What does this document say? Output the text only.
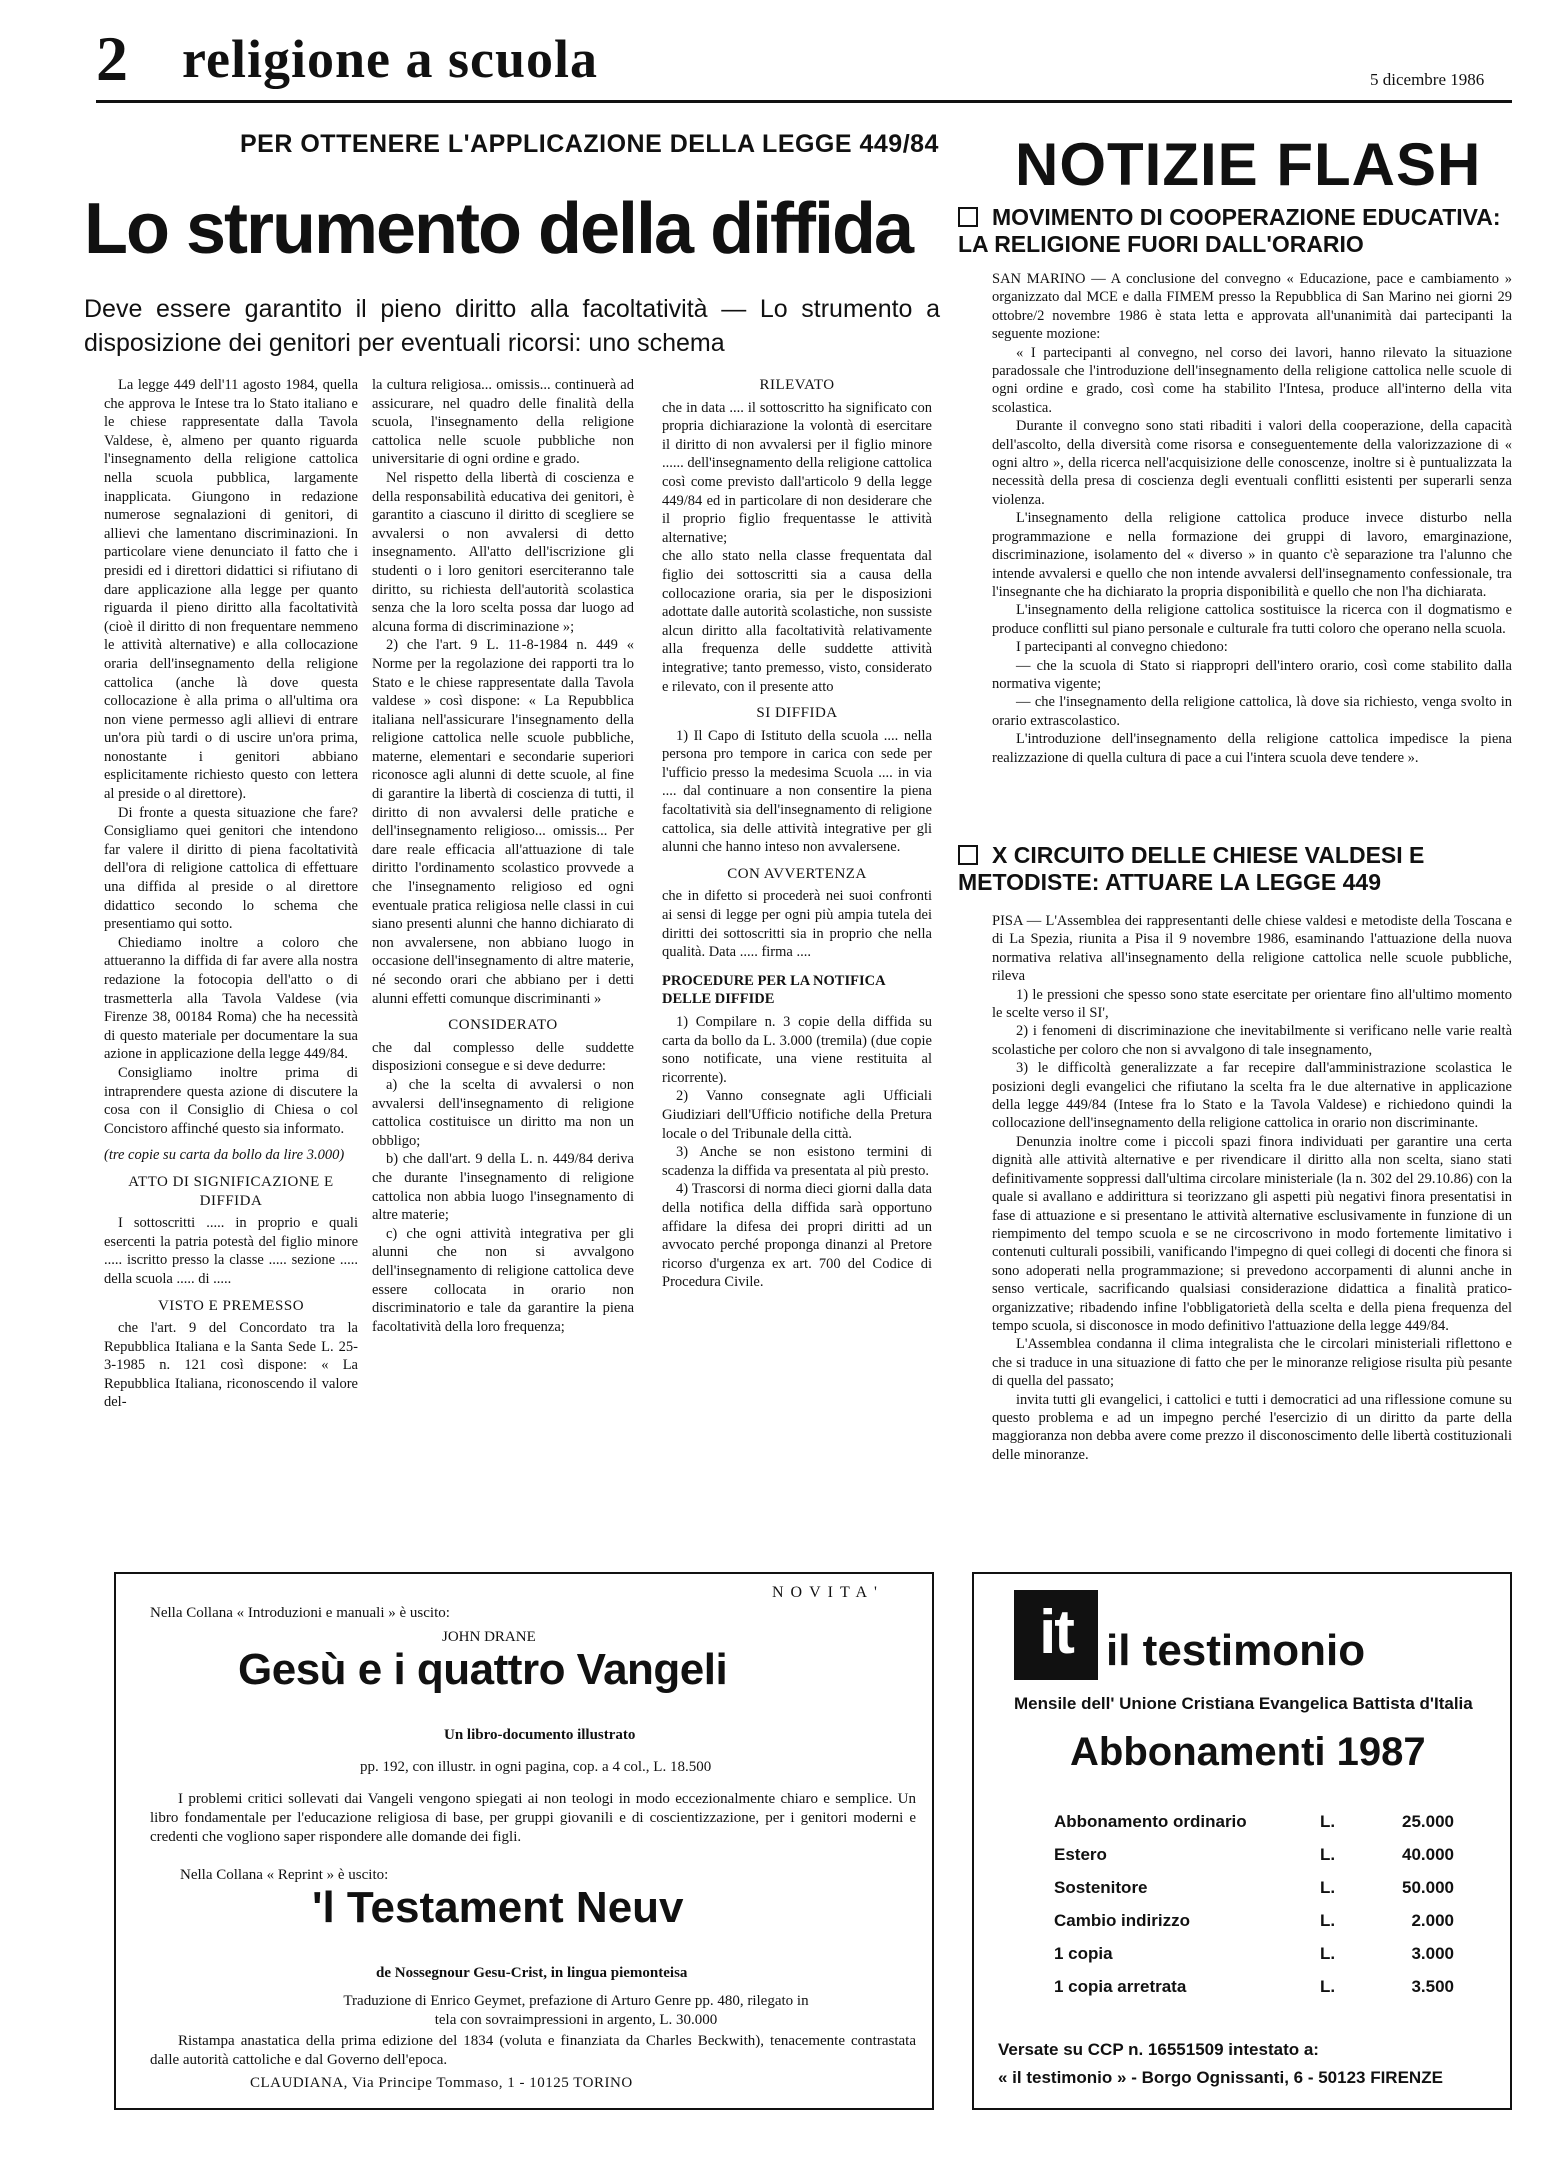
2 religione a scuola	5 dicembre 1986
PER OTTENERE L'APPLICAZIONE DELLA LEGGE 449/84
Lo strumento della diffida
Deve essere garantito il pieno diritto alla facoltatività — Lo strumento a disposizione dei genitori per eventuali ricorsi: uno schema

La legge 449 dell'11 agosto 1984, quella che approva le Intese tra lo Stato italiano e le chiese rappresentate dalla Tavola Valdese, è, almeno per quanto riguarda l'insegnamento della religione cattolica nella scuola pubblica, largamente inapplicata. Giungono in redazione numerose segnalazioni di genitori, di allievi che lamentano discriminazioni. In particolare viene denunciato il fatto che i presidi ed i direttori didattici si rifiutano di dare applicazione alla legge per quanto riguarda il pieno diritto alla facoltatività (cioè il diritto di non frequentare nemmeno le attività alternative) e alla collocazione oraria dell'insegnamento della religione cattolica (anche là dove questa collocazione è alla prima o all'ultima ora non viene permesso agli allievi di entrare un'ora più tardi o di uscire un'ora prima, nonostante i genitori abbiano esplicitamente richiesto questo con lettera al preside o al direttore).

Di fronte a questa situazione che fare? Consigliamo quei genitori che intendono far valere il diritto di piena facoltatività dell'ora di religione cattolica di effettuare una diffida al preside o al direttore didattico secondo lo schema che presentiamo qui sotto.

Chiediamo inoltre a coloro che attueranno la diffida di far avere alla nostra redazione la fotocopia dell'atto o di trasmetterla alla Tavola Valdese (via Firenze 38, 00184 Roma) che ha necessità di questo materiale per documentare la sua azione in applicazione della legge 449/84.

Consigliamo inoltre prima di intraprendere questa azione di discutere la cosa con il Consiglio di Chiesa o col Concistoro affinché questo sia informato.

(tre copie su carta da bollo da lire 3.000)

ATTO DI SIGNIFICAZIONE E DIFFIDA

I sottoscritti ..... in proprio e quali esercenti la patria potestà del figlio minore ..... iscritto presso la classe ..... sezione ..... della scuola ..... di .....

VISTO E PREMESSO

che l'art. 9 del Concordato tra la Repubblica Italiana e la Santa Sede L. 25-3-1985 n. 121 così dispone: « La Repubblica Italiana, riconoscendo il valore del-

la cultura religiosa... omissis... continuerà ad assicurare, nel quadro delle finalità della scuola, l'insegnamento della religione cattolica nelle scuole pubbliche non universitarie di ogni ordine e grado.

Nel rispetto della libertà di coscienza e della responsabilità educativa dei genitori, è garantito a ciascuno il diritto di scegliere se avvalersi o non avvalersi di detto insegnamento. All'atto dell'iscrizione gli studenti o i loro genitori eserciteranno tale diritto, su richiesta dell'autorità scolastica senza che la loro scelta possa dar luogo ad alcuna forma di discriminazione »;

2) che l'art. 9 L. 11-8-1984 n. 449 « Norme per la regolazione dei rapporti tra lo Stato e le chiese rappresentate dalla Tavola valdese » così dispone: « La Repubblica italiana nell'assicurare l'insegnamento della religione cattolica nelle scuole pubbliche, materne, elementari e secondarie superiori riconosce agli alunni di dette scuole, al fine di garantire la libertà di coscienza di tutti, il diritto di non avvalersi delle pratiche e dell'insegnamento religioso... omissis... Per dare reale efficacia all'attuazione di tale diritto l'ordinamento scolastico provvede a che l'insegnamento religioso ed ogni eventuale pratica religiosa nelle classi in cui siano presenti alunni che hanno dichiarato di non avvalersene, non abbiano luogo in occasione dell'insegnamento di altre materie, né secondo orari che abbiano per i detti alunni effetti comunque discriminanti »

CONSIDERATO

che dal complesso delle suddette disposizioni consegue e si deve dedurre:

a) che la scelta di avvalersi o non avvalersi dell'insegnamento di religione cattolica costituisce un diritto ma non un obbligo;

b) che dall'art. 9 della L. n. 449/84 deriva che durante l'insegnamento di religione cattolica non abbia luogo l'insegnamento di altre materie;

c) che ogni attività integrativa per gli alunni che non si avvalgono dell'insegnamento di religione cattolica deve essere collocata in orario non discriminatorio e tale da garantire la piena facoltatività della loro frequenza;

RILEVATO

che in data .... il sottoscritto ha significato con propria dichiarazione la volontà di esercitare il diritto di non avvalersi per il figlio minore ...... dell'insegnamento della religione cattolica così come previsto dall'articolo 9 della legge 449/84 ed in particolare di non desiderare che il proprio figlio frequentasse le attività alternative;

che allo stato nella classe frequentata dal figlio dei sottoscritti sia a causa della collocazione oraria, sia per le disposizioni adottate dalle autorità scolastiche, non sussiste alcun diritto alla facoltatività relativamente alla frequenza delle suddette attività integrative; tanto premesso, visto, considerato e rilevato, con il presente atto

SI DIFFIDA

1) Il Capo di Istituto della scuola .... nella persona pro tempore in carica con sede per l'ufficio presso la medesima Scuola .... in via .... dal continuare a non consentire la piena facoltatività sia dell'insegnamento di religione cattolica, sia delle attività integrative per gli alunni che hanno inteso non avvalersene.

CON AVVERTENZA

che in difetto si procederà nei suoi confronti ai sensi di legge per ogni più ampia tutela dei diritti dei sottoscritti sia in proprio che nella qualità. Data ..... firma ....

PROCEDURE PER LA NOTIFICA DELLE DIFFIDE

1) Compilare n. 3 copie della diffida su carta da bollo da L. 3.000 (tremila) (due copie sono notificate, una viene restituita al ricorrente).

2) Vanno consegnate agli Ufficiali Giudiziari dell'Ufficio notifiche della Pretura locale o del Tribunale della città.

3) Anche se non esistono termini di scadenza la diffida va presentata al più presto.

4) Trascorsi di norma dieci giorni dalla data della notifica della diffida sarà opportuno affidare la difesa dei propri diritti ad un avvocato perché proponga dinanzi al Pretore ricorso d'urgenza ex art. 700 del Codice di Procedura Civile.

NOTIZIE FLASH
MOVIMENTO DI COOPERAZIONE EDUCATIVA: LA RELIGIONE FUORI DALL'ORARIO

SAN MARINO — A conclusione del convegno « Educazione, pace e cambiamento » organizzato dal MCE e dalla FIMEM presso la Repubblica di San Marino nei giorni 29 ottobre/2 novembre 1986 è stata letta e approvata all'unanimità dai partecipanti la seguente mozione:

« I partecipanti al convegno, nel corso dei lavori, hanno rilevato la situazione paradossale che l'introduzione dell'insegnamento della religione cattolica nelle scuole di ogni ordine e grado, così come ha stabilito l'Intesa, produce all'interno della vita scolastica.

Durante il convegno sono stati ribaditi i valori della cooperazione, della capacità dell'ascolto, della diversità come risorsa e conseguentemente della valorizzazione di « ogni altro », della ricerca nell'acquisizione delle conoscenze, inoltre si è puntualizzata la necessità della presa di coscienza degli eventuali conflitti esistenti per superarli senza violenza.

L'insegnamento della religione cattolica produce invece disturbo nella programmazione e nella formazione dei gruppi di lavoro, emarginazione, discriminazione, isolamento del « diverso » in quanto c'è separazione tra l'alunno che intende avvalersi e quello che non intende avvalersi dell'insegnamento confessionale, tra l'insegnante che ha dichiarato la propria disponibilità e quello che non l'ha dichiarata.

L'insegnamento della religione cattolica sostituisce la ricerca con il dogmatismo e produce conflitti sul piano personale e culturale fra tutti coloro che operano nella scuola.

I partecipanti al convegno chiedono:

— che la scuola di Stato si riappropri dell'intero orario, così come stabilito dalla normativa vigente;

— che l'insegnamento della religione cattolica, là dove sia richiesto, venga svolto in orario extrascolastico.

L'introduzione dell'insegnamento della religione cattolica impedisce la piena realizzazione di quella cultura di pace a cui l'intera scuola deve tendere ».

X CIRCUITO DELLE CHIESE VALDESI E METODISTE: ATTUARE LA LEGGE 449

PISA — L'Assemblea dei rappresentanti delle chiese valdesi e metodiste della Toscana e di La Spezia, riunita a Pisa il 9 novembre 1986, esaminando l'attuazione della nuova normativa relativa all'insegnamento della religione cattolica nelle scuole pubbliche, rileva

1) le pressioni che spesso sono state esercitate per orientare fino all'ultimo momento le scelte verso il SI',

2) i fenomeni di discriminazione che inevitabilmente si verificano nelle varie realtà scolastiche per coloro che non si avvalgono di tale insegnamento,

3) le difficoltà generalizzate a far recepire dall'amministrazione scolastica le posizioni degli evangelici che rifiutano la scelta fra le due alternative in applicazione della legge 449/84 (Intese fra lo Stato e la Tavola Valdese) e richiedono quindi la collocazione dell'insegnamento della religione cattolica in orario non discriminante.

Denunzia inoltre come i piccoli spazi finora individuati per garantire una certa dignità alle attività alternative e per rivendicare il diritto alla non scelta, siano stati definitivamente soppressi dall'ultima circolare ministeriale (la n. 302 del 29.10.86) con la quale si avallano e addirittura si teorizzano gli aspetti più negativi finora presentatisi in fase di attuazione e si presentano le attività alternative esclusivamente in funzione di un riempimento del tempo scuola e se ne circoscrivono in modo fortemente limitativo i contenuti culturali possibili, vanificando l'impegno di quei collegi di docenti che finora si sono adoperati nella programmazione; si prevedono accorpamenti di alunni anche in senso verticale, sacrificando qualsiasi considerazione didattica a finalità pratico-organizzative; ribadendo infine l'obbligatorietà della scelta e della piena frequenza del tempo scuola, si disconosce in modo definitivo l'attuazione della legge 449/84.

L'Assemblea condanna il clima integralista che le circolari ministeriali riflettono e che si traduce in una situazione di fatto che per le minoranze religiose risulta più pesante di quella del passato;

invita tutti gli evangelici, i cattolici e tutti i democratici ad una riflessione comune su questo problema e ad un impegno perché l'esercizio di un diritto da parte della maggioranza non debba avere come prezzo il disconoscimento delle libertà costituzionali delle minoranze.

NOVITA'
Nella Collana « Introduzioni e manuali » è uscito:
JOHN DRANE
Gesù e i quattro Vangeli
Un libro-documento illustrato
pp. 192, con illustr. in ogni pagina, cop. a 4 col., L. 18.500
I problemi critici sollevati dai Vangeli vengono spiegati ai non teologi in modo eccezionalmente chiaro e semplice. Un libro fondamentale per l'educazione religiosa di base, per gruppi giovanili e di coscientizzazione, per i genitori moderni e credenti che vogliono saper rispondere alle domande dei figli.
Nella Collana « Reprint » è uscito:
'l Testament Neuv
de Nossegnour Gesu-Crist, in lingua piemonteisa
Traduzione di Enrico Geymet, prefazione di Arturo Genre pp. 480, rilegato in tela con sovraimpressioni in argento, L. 30.000
Ristampa anastatica della prima edizione del 1834 (voluta e finanziata da Charles Beckwith), tenacemente contrastata dalle autorità cattoliche e dal Governo dell'epoca.
CLAUDIANA, Via Principe Tommaso, 1 - 10125 TORINO
it il testimonio
Mensile dell' Unione Cristiana Evangelica Battista d'Italia
Abbonamenti 1987
Abbonamento ordinario	L.	25.000
Estero	L.	40.000
Sostenitore	L.	50.000
Cambio indirizzo	L.	2.000
1 copia	L.	3.000
1 copia arretrata	L.	3.500
Versate su CCP n. 16551509 intestato a:
« il testimonio » - Borgo Ognissanti, 6 - 50123 FIRENZE
